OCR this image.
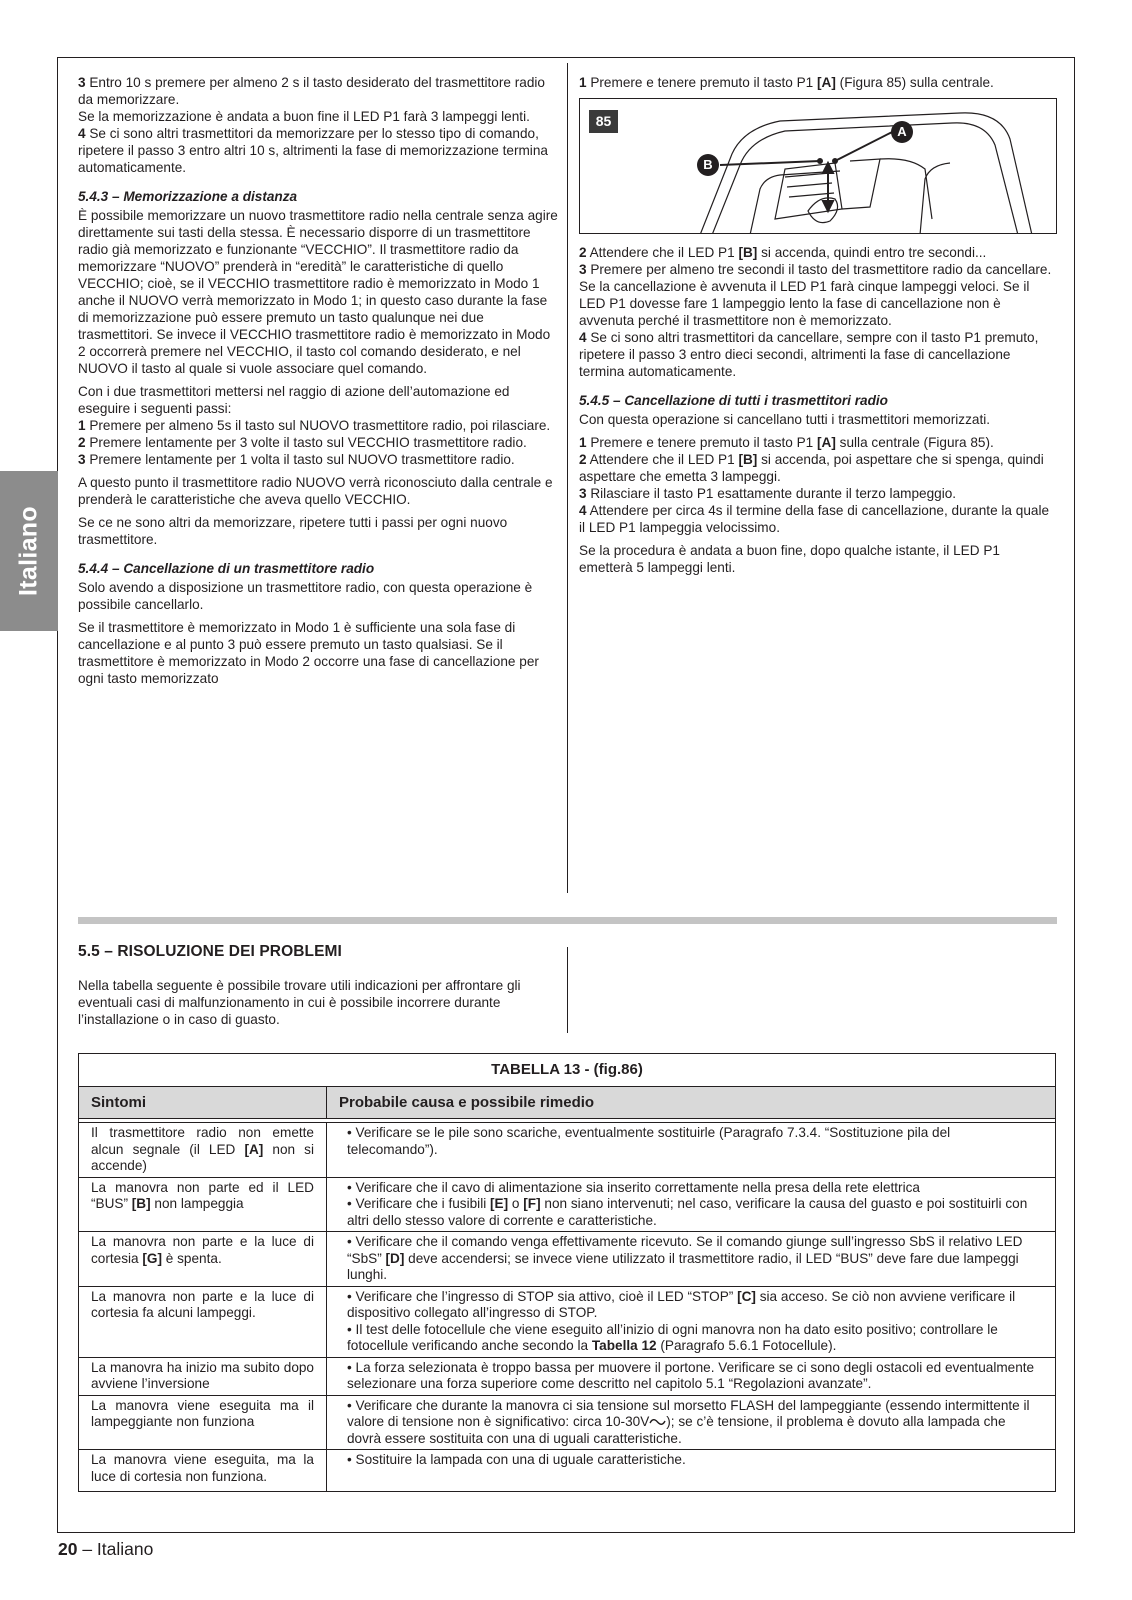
Italiano

3 Entro 10 s premere per almeno 2 s il tasto desiderato del trasmettitore radio da memorizzare.

Se la memorizzazione è andata a buon fine il LED P1 farà 3 lampeggi lenti.

4 Se ci sono altri trasmettitori da memorizzare per lo stesso tipo di comando, ripetere il passo 3 entro altri 10 s, altrimenti la fase di memorizzazione termina automaticamente.

5.4.3 – Memorizzazione a distanza

È possibile memorizzare un nuovo trasmettitore radio nella centrale senza agire direttamente sui tasti della stessa. È necessario disporre di un trasmettitore radio già memorizzato e funzionante “VECCHIO”. Il trasmettitore radio da memorizzare “NUOVO” prenderà in “eredità” le caratteristiche di quello VECCHIO; cioè, se il VECCHIO trasmettitore radio è memorizzato in Modo 1 anche il NUOVO verrà memorizzato in Modo 1; in questo caso durante la fase di memorizzazione può essere premuto un tasto qualunque nei due trasmettitori. Se invece il VECCHIO trasmettitore radio è memorizzato in Modo 2 occorrerà premere nel VECCHIO, il tasto col comando desiderato, e nel NUOVO il tasto al quale si vuole associare quel comando.

Con i due trasmettitori mettersi nel raggio di azione dell’automazione ed eseguire i seguenti passi:

1 Premere per almeno 5s il tasto sul NUOVO trasmettitore radio, poi rilasciare.

2 Premere lentamente per 3 volte il tasto sul VECCHIO trasmettitore radio.

3 Premere lentamente per 1 volta il tasto sul NUOVO trasmettitore radio.

A questo punto il trasmettitore radio NUOVO verrà riconosciuto dalla centrale e prenderà le caratteristiche che aveva quello VECCHIO.

Se ce ne sono altri da memorizzare, ripetere tutti i passi per ogni nuovo trasmettitore.

5.4.4 – Cancellazione di un trasmettitore radio

Solo avendo a disposizione un trasmettitore radio, con questa operazione è possibile cancellarlo.

Se il trasmettitore è memorizzato in Modo 1 è sufficiente una sola fase di cancellazione e al punto 3 può essere premuto un tasto qualsiasi. Se il trasmettitore è memorizzato in Modo 2 occorre una fase di cancellazione per ogni tasto memorizzato

1 Premere e tenere premuto il tasto P1 [A] (Figura 85) sulla centrale.

85
A
B

2 Attendere che il LED P1 [B] si accenda, quindi entro tre secondi...

3 Premere per almeno tre secondi il tasto del trasmettitore radio da cancellare. Se la cancellazione è avvenuta il LED P1 farà cinque lampeggi veloci. Se il LED P1 dovesse fare 1 lampeggio lento la fase di cancellazione non è avvenuta perché il trasmettitore non è memorizzato.

4 Se ci sono altri trasmettitori da cancellare, sempre con il tasto P1 premuto, ripetere il passo 3 entro dieci secondi, altrimenti la fase di cancellazione termina automaticamente.

5.4.5 – Cancellazione di tutti i trasmettitori radio

Con questa operazione si cancellano tutti i trasmettitori memorizzati.

1 Premere e tenere premuto il tasto P1 [A] sulla centrale (Figura 85).

2 Attendere che il LED P1 [B] si accenda, poi aspettare che si spenga, quindi aspettare che emetta 3 lampeggi.

3 Rilasciare il tasto P1 esattamente durante il terzo lampeggio.

4 Attendere per circa 4s il termine della fase di cancellazione, durante la quale il LED P1 lampeggia velocissimo.

Se la procedura è andata a buon fine, dopo qualche istante, il LED P1 emetterà 5 lampeggi lenti.

5.5 – RISOLUZIONE DEI PROBLEMI

Nella tabella seguente è possibile trovare utili indicazioni per affrontare gli eventuali casi di malfunzionamento in cui è possibile incorrere durante l’installazione o in caso di guasto.

TABELLA 13 - (fig.86)	
Sintomi	Probabile causa e possibile rimedio

Il trasmettitore radio non emette alcun segnale (il LED [A] non si accende)	• Verificare se le pile sono scariche, eventualmente sostituirle (Paragrafo 7.3.4. “Sostituzione pila del telecomando”).

La manovra non parte ed il LED “BUS” [B] non lampeggia	• Verificare che il cavo di alimentazione sia inserito correttamente nella presa della rete elettrica
• Verificare che i fusibili [E] o [F] non siano intervenuti; nel caso, verificare la causa del guasto e poi sostituirli con altri dello stesso valore di corrente e caratteristiche.

La manovra non parte e la luce di cortesia [G] è spenta.	• Verificare che il comando venga effettivamente ricevuto. Se il comando giunge sull’ingresso SbS il relativo LED “SbS” [D] deve accendersi; se invece viene utilizzato il trasmettitore radio, il LED “BUS” deve fare due lampeggi lunghi.

La manovra non parte e la luce di cortesia fa alcuni lampeggi.	• Verificare che l’ingresso di STOP sia attivo, cioè il LED “STOP” [C] sia acceso. Se ciò non avviene verificare il dispositivo collegato all’ingresso di STOP.
• Il test delle fotocellule che viene eseguito all’inizio di ogni manovra non ha dato esito positivo; controllare le fotocellule verificando anche secondo la Tabella 12 (Paragrafo 5.6.1 Fotocellule).

La manovra ha inizio ma subito dopo avviene l’inversione	• La forza selezionata è troppo bassa per muovere il portone. Verificare se ci sono degli ostacoli ed eventualmente selezionare una forza superiore come descritto nel capitolo 5.1 “Regolazioni avanzate”.

La manovra viene eseguita ma il lampeggiante non funziona	• Verificare che durante la manovra ci sia tensione sul morsetto FLASH del lampeggiante (essendo intermittente il valore di tensione non è significativo: circa 10-30V ); se c’è tensione, il problema è dovuto alla lampada che dovrà essere sostituita con una di uguali caratteristiche.

La manovra viene eseguita, ma la luce di cortesia non funziona.	• Sostituire la lampada con una di uguale caratteristiche.
20 – Italiano
